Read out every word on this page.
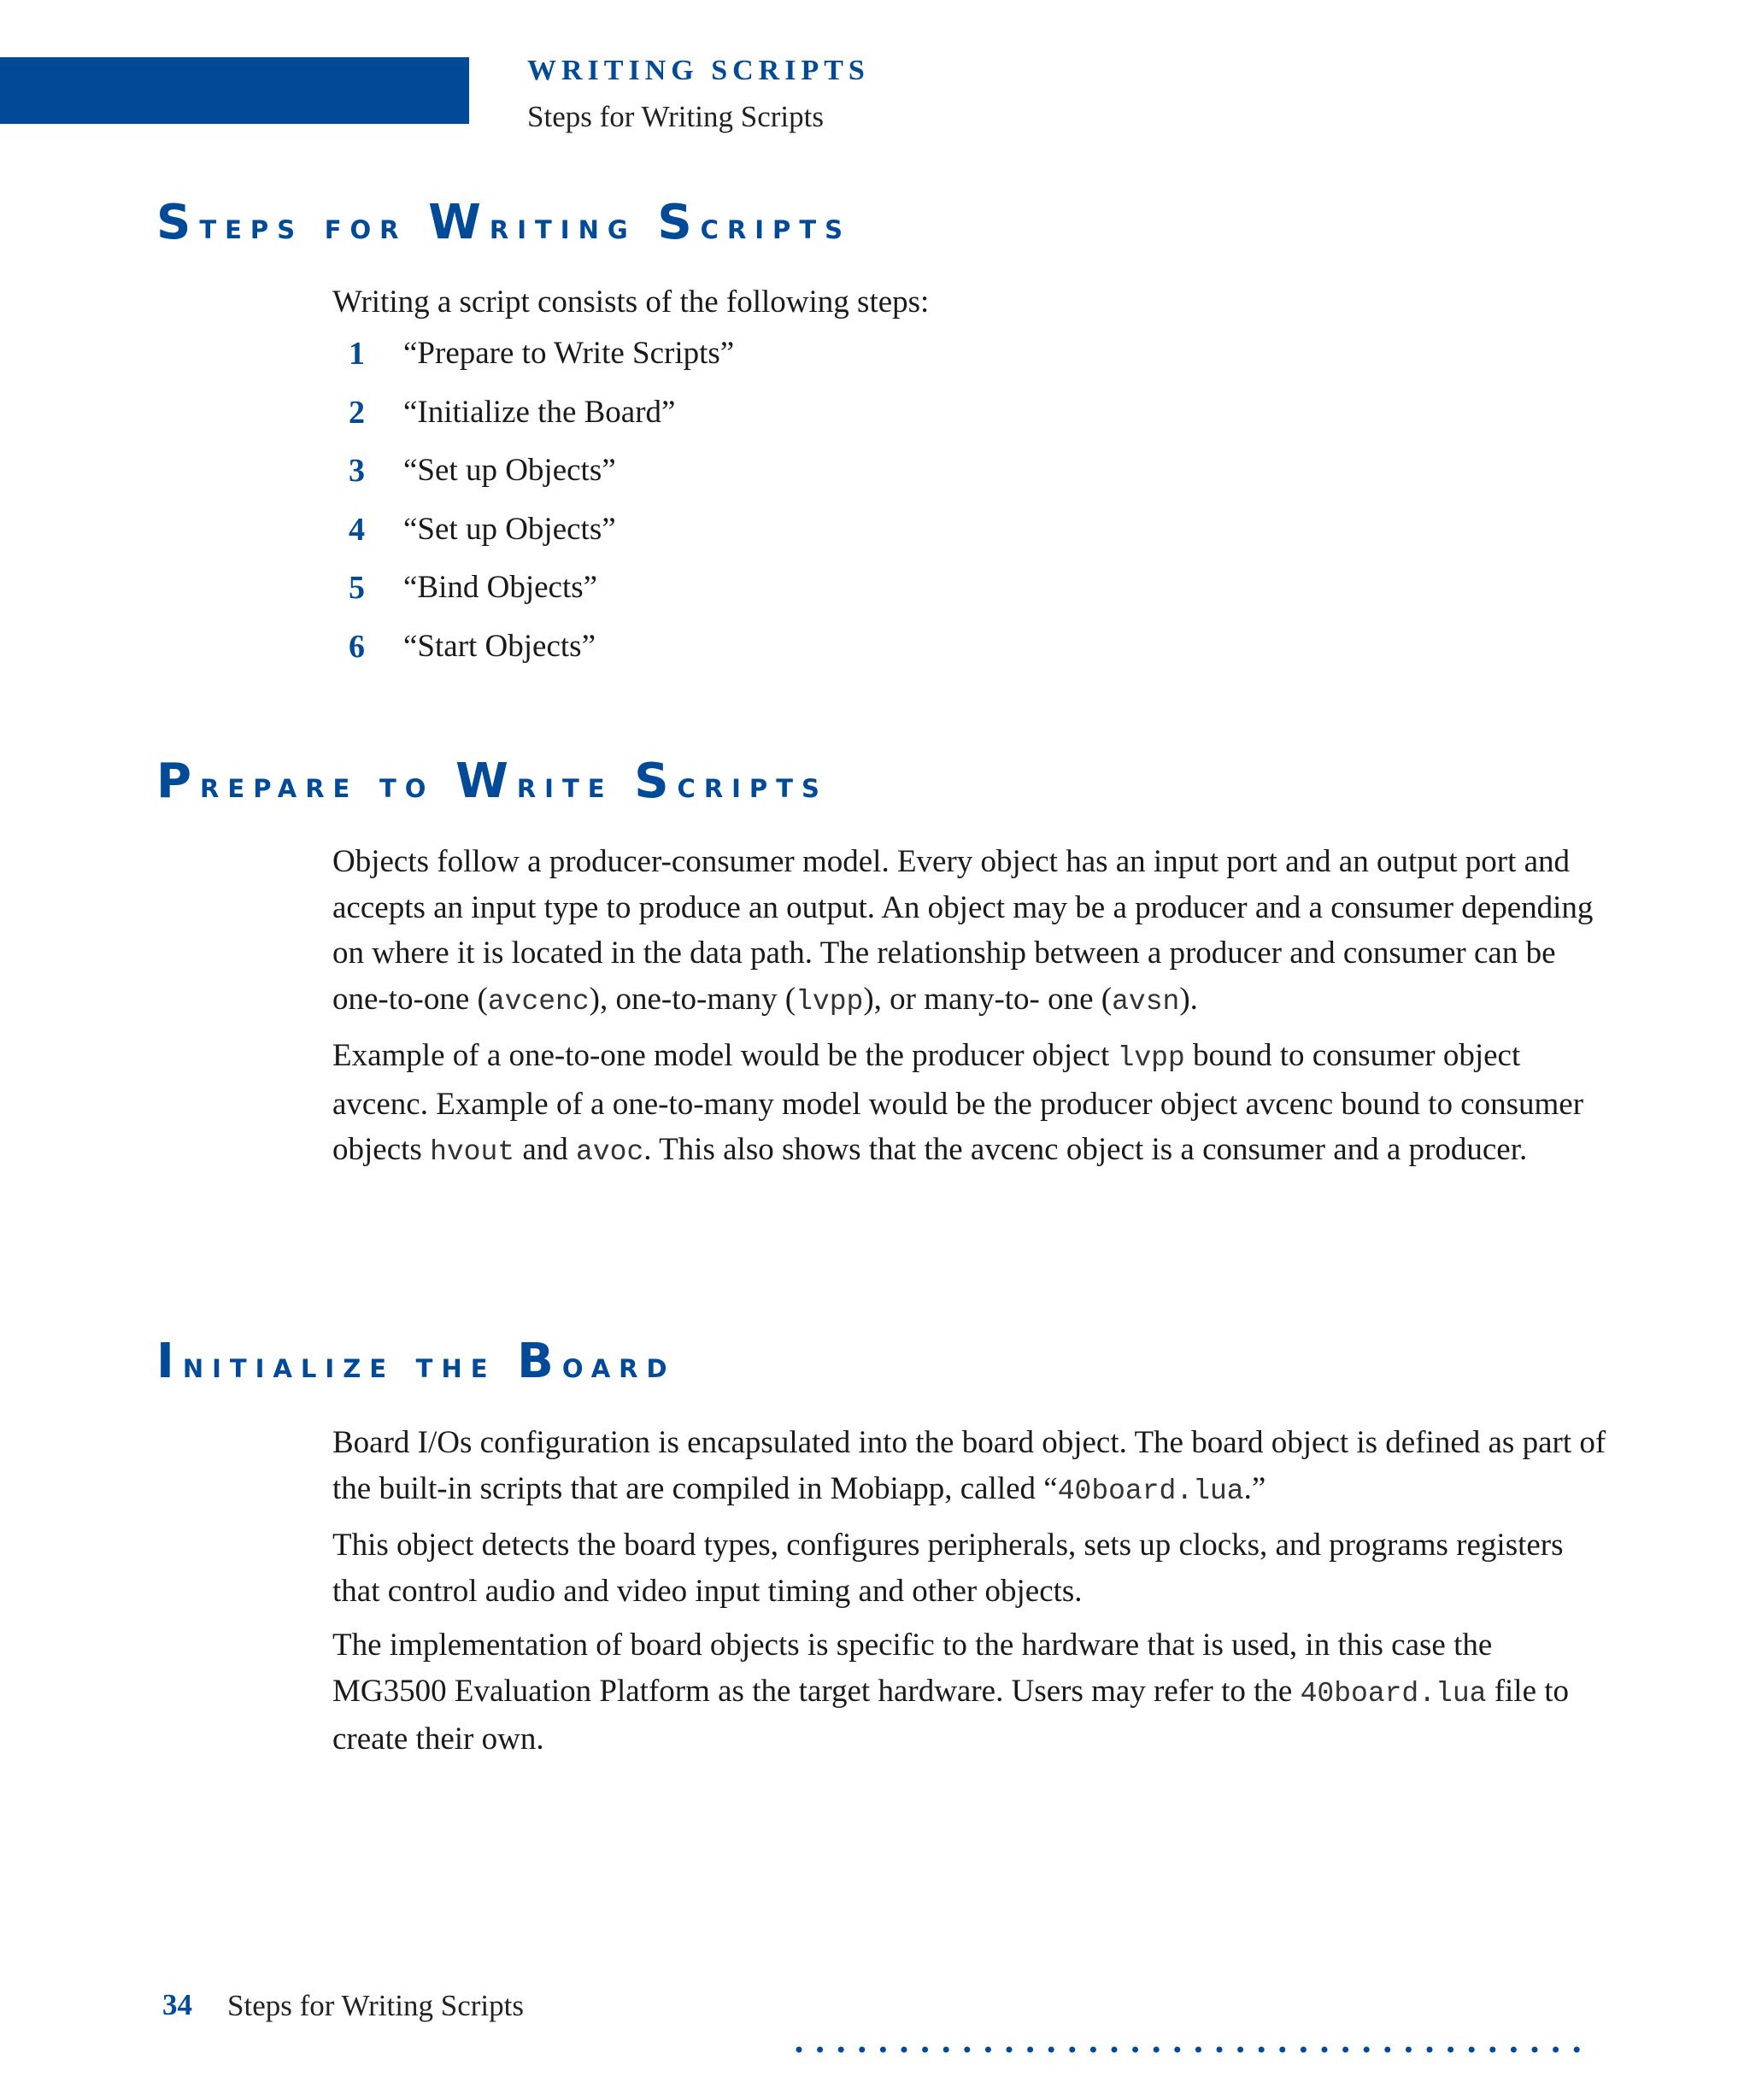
WRITING SCRIPTS
Steps for Writing Scripts
Steps for Writing Scripts

Writing a script consists of the following steps:

1 “Prepare to Write Scripts”
2 “Initialize the Board”
3 “Set up Objects”
4 “Set up Objects”
5 “Bind Objects”
6 “Start Objects”
Prepare to Write Scripts

Objects follow a producer-consumer model. Every object has an input port and an output port and accepts an input type to produce an output. An object may be a producer and a consumer depending on where it is located in the data path. The relationship between a producer and consumer can be one-to-one (avcenc), one-to-many (lvpp), or many-to- one (avsn).

Example of a one-to-one model would be the producer object lvpp bound to consumer object avcenc. Example of a one-to-many model would be the producer object avcenc bound to consumer objects hvout and avoc. This also shows that the avcenc object is a consumer and a producer.

Initialize the Board

Board I/Os configuration is encapsulated into the board object. The board object is defined as part of the built-in scripts that are compiled in Mobiapp, called “40board.lua.”

This object detects the board types, configures peripherals, sets up clocks, and programs registers that control audio and video input timing and other objects.

The implementation of board objects is specific to the hardware that is used, in this case the MG3500 Evaluation Platform as the target hardware. Users may refer to the 40board.lua file to create their own.

34 Steps for Writing Scripts
